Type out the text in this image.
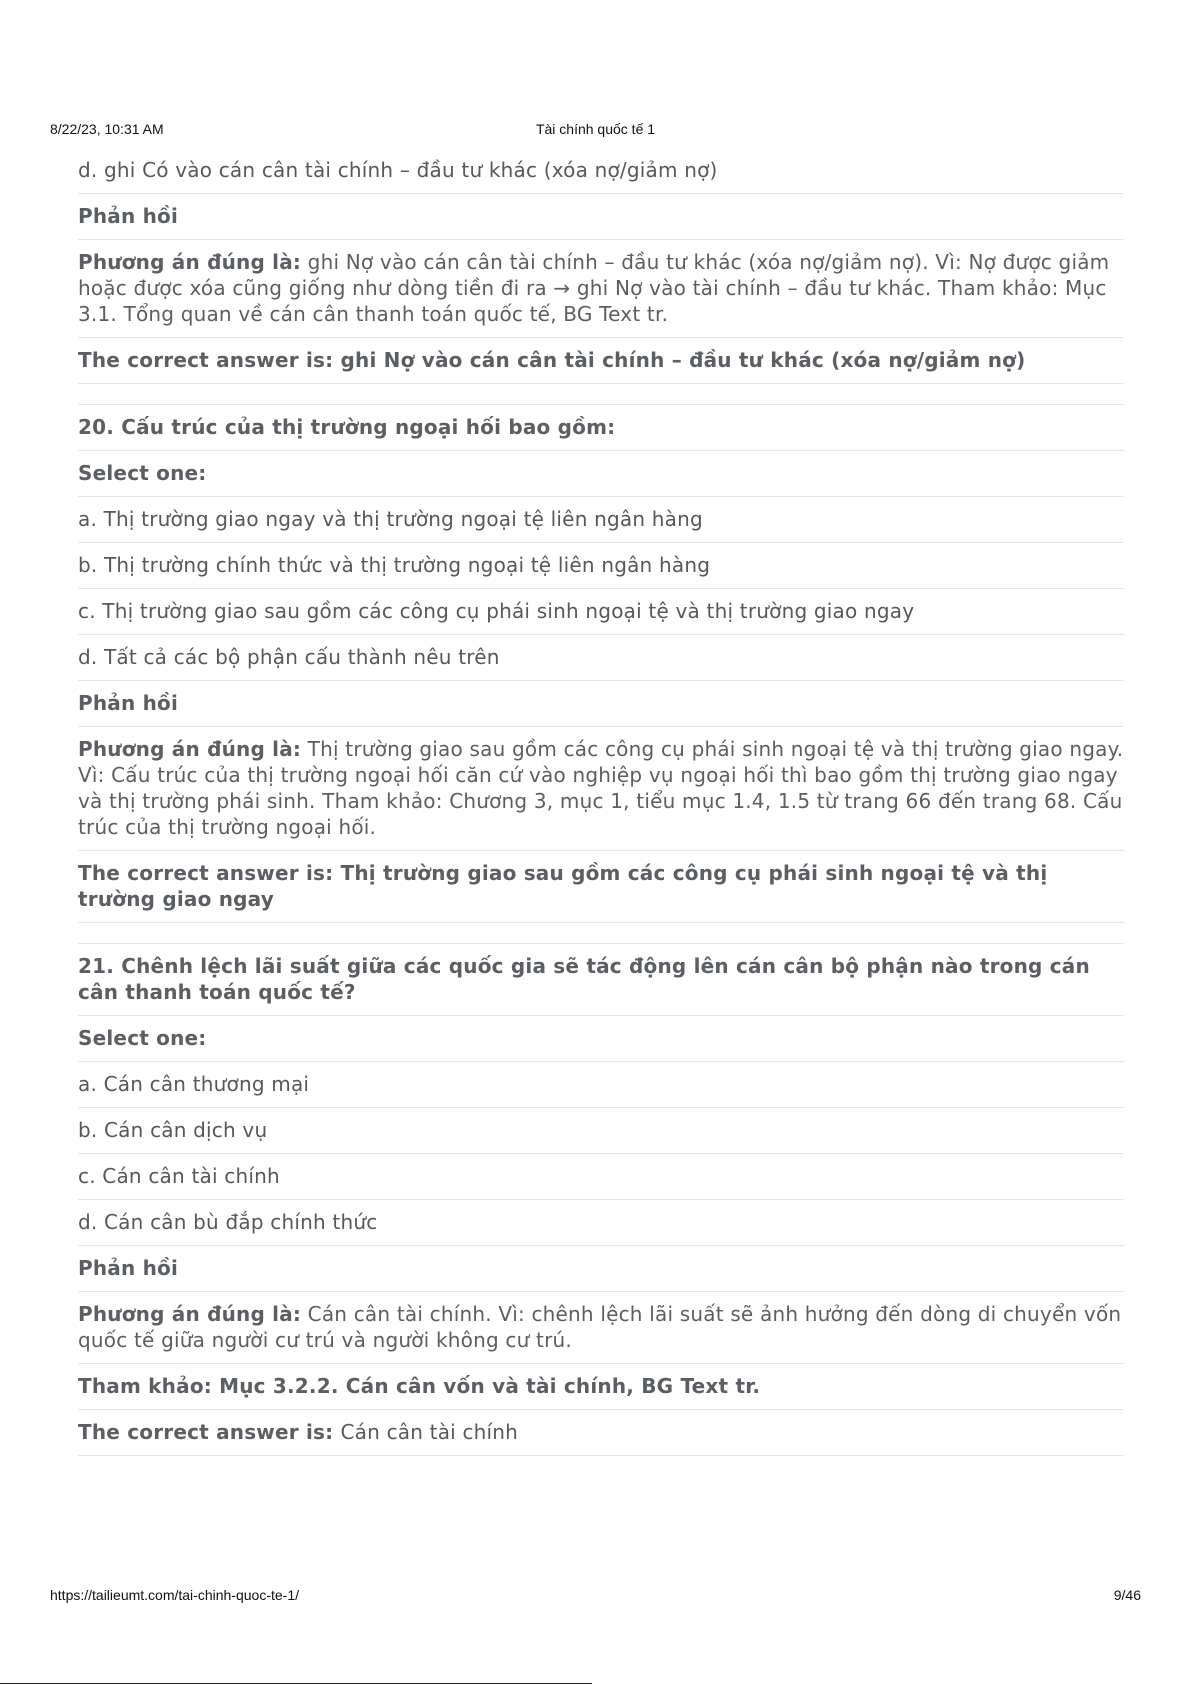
8/22/23, 10:31 AM	Tài chính quốc tế 1
d. ghi Có vào cán cân tài chính – đầu tư khác (xóa nợ/giảm nợ)
Phản hồi
Phương án đúng là: ghi Nợ vào cán cân tài chính – đầu tư khác (xóa nợ/giảm nợ). Vì: Nợ được giảm hoặc được xóa cũng giống như dòng tiền đi ra → ghi Nợ vào tài chính – đầu tư khác. Tham khảo: Mục 3.1. Tổng quan về cán cân thanh toán quốc tế, BG Text tr.
The correct answer is: ghi Nợ vào cán cân tài chính – đầu tư khác (xóa nợ/giảm nợ)
20. Cấu trúc của thị trường ngoại hối bao gồm:
Select one:
a. Thị trường giao ngay và thị trường ngoại tệ liên ngân hàng
b. Thị trường chính thức và thị trường ngoại tệ liên ngân hàng
c. Thị trường giao sau gồm các công cụ phái sinh ngoại tệ và thị trường giao ngay
d. Tất cả các bộ phận cấu thành nêu trên
Phản hồi
Phương án đúng là: Thị trường giao sau gồm các công cụ phái sinh ngoại tệ và thị trường giao ngay. Vì: Cấu trúc của thị trường ngoại hối căn cứ vào nghiệp vụ ngoại hối thì bao gồm thị trường giao ngay và thị trường phái sinh. Tham khảo: Chương 3, mục 1, tiểu mục 1.4, 1.5 từ trang 66 đến trang 68. Cấu trúc của thị trường ngoại hối.
The correct answer is: Thị trường giao sau gồm các công cụ phái sinh ngoại tệ và thị trường giao ngay
21. Chênh lệch lãi suất giữa các quốc gia sẽ tác động lên cán cân bộ phận nào trong cán cân thanh toán quốc tế?
Select one:
a. Cán cân thương mại
b. Cán cân dịch vụ
c. Cán cân tài chính
d. Cán cân bù đắp chính thức
Phản hồi
Phương án đúng là: Cán cân tài chính. Vì: chênh lệch lãi suất sẽ ảnh hưởng đến dòng di chuyển vốn quốc tế giữa người cư trú và người không cư trú.
Tham khảo: Mục 3.2.2. Cán cân vốn và tài chính, BG Text tr.
The correct answer is: Cán cân tài chính
https://tailieumt.com/tai-chinh-quoc-te-1/	9/46
